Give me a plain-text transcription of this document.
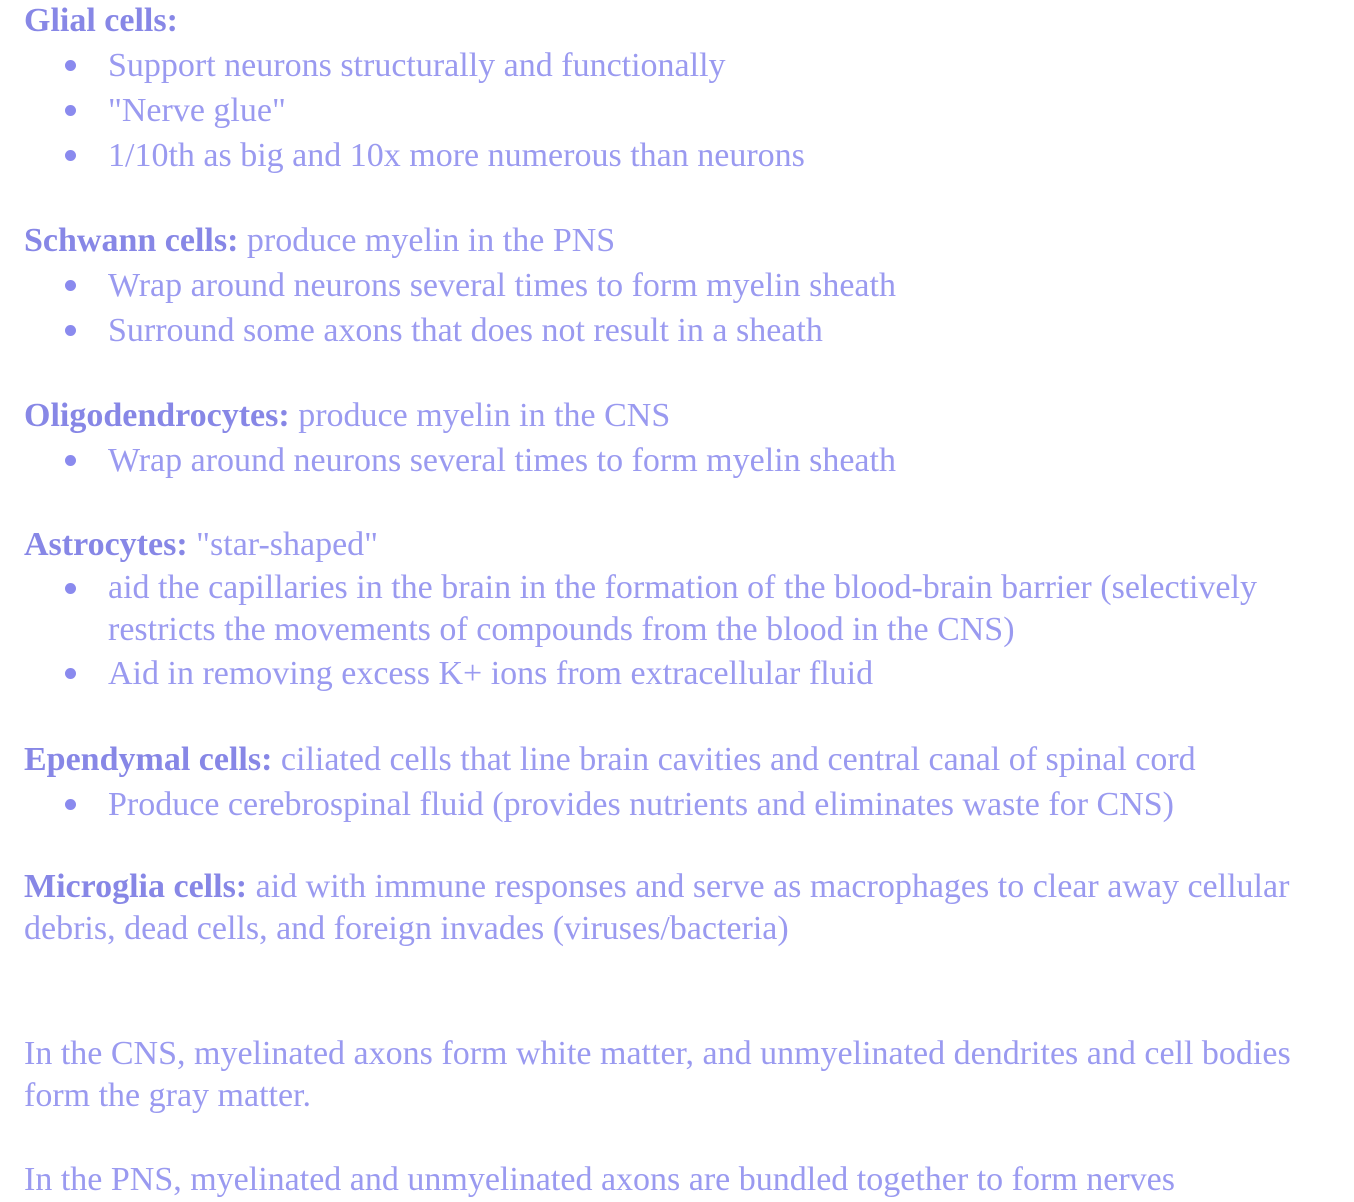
Glial cells:

Support neurons structurally and functionally
"Nerve glue"
1/10th as big and 10x more numerous than neurons

Schwann cells: produce myelin in the PNS

Wrap around neurons several times to form myelin sheath
Surround some axons that does not result in a sheath

Oligodendrocytes: produce myelin in the CNS

Wrap around neurons several times to form myelin sheath

Astrocytes: "star-shaped"

aid the capillaries in the brain in the formation of the blood-brain barrier (selectively restricts the movements of compounds from the blood in the CNS)
Aid in removing excess K+ ions from extracellular fluid

Ependymal cells: ciliated cells that line brain cavities and central canal of spinal cord

Produce cerebrospinal fluid (provides nutrients and eliminates waste for CNS)

Microglia cells: aid with immune responses and serve as macrophages to clear away cellular debris, dead cells, and foreign invades (viruses/bacteria)

In the CNS, myelinated axons form white matter, and unmyelinated dendrites and cell bodies form the gray matter.

In the PNS, myelinated and unmyelinated axons are bundled together to form nerves
